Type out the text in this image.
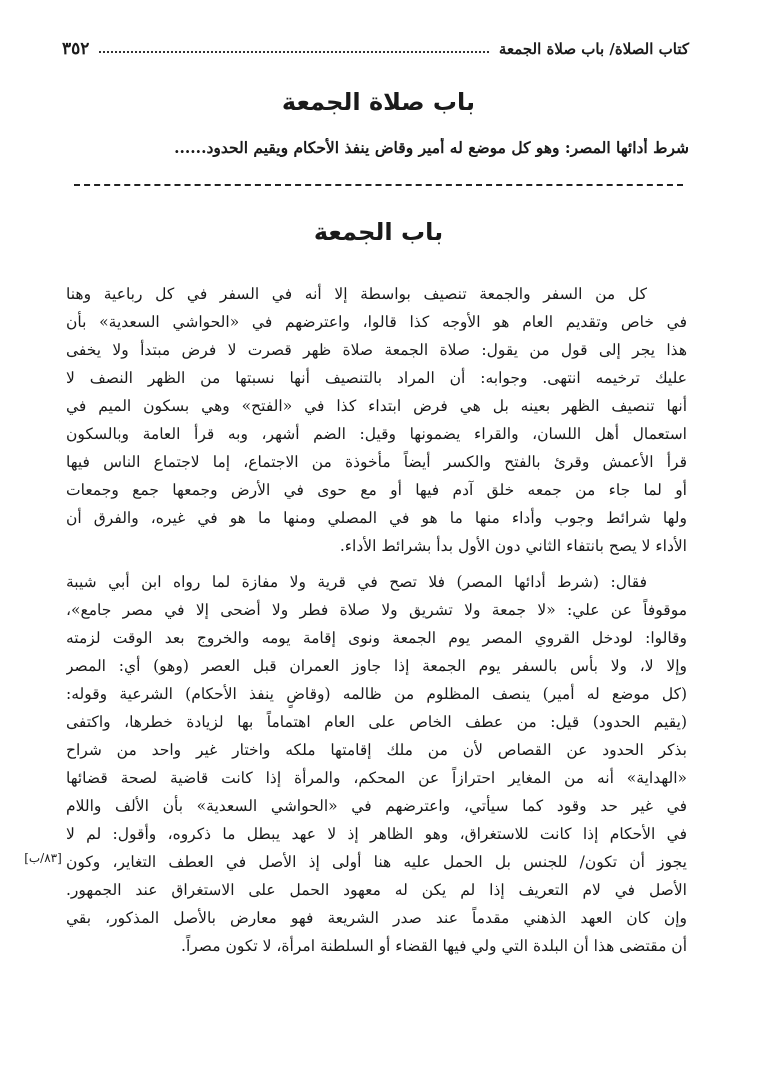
كتاب الصلاة/ باب صلاة الجمعة
٣٥٢
باب صلاة الجمعة
شرط أدائها المصر: وهو كل موضع له أمير وقاضٍ ينفذ الأحكام ويقيم الحدود......
باب الجمعة
كل من السفر والجمعة تنصيف بواسطة إلا أنه في السفر في كل رباعية وهنا
في خاص وتقديم العام هو الأوجه كذا قالوا، واعترضهم في «الحواشي السعدية» بأن
هذا يجر إلى قول من يقول: صلاة الجمعة صلاة ظهر قصرت لا فرض مبتدأ ولا يخفى
عليك ترخيمه انتهى. وجوابه: أن المراد بالتنصيف أنها نسبتها من الظهر النصف لا
أنها تنصيف الظهر بعينه بل هي فرض ابتداء كذا في «الفتح» وهي بسكون الميم في
استعمال أهل اللسان، والقراء يضمونها وقيل: الضم أشهر، وبه قرأ العامة وبالسكون
قرأ الأعمش وقرئ بالفتح والكسر أيضاً مأخوذة من الاجتماع، إما لاجتماع الناس فيها
أو لما جاء من جمعه خلق آدم فيها أو مع حوى في الأرض وجمعها جمع وجمعات
ولها شرائط وجوب وأداء منها ما هو في المصلي ومنها ما هو في غيره، والفرق أن
الأداء لا يصح بانتفاء الثاني دون الأول بدأ بشرائط الأداء.
فقال: (شرط أدائها المصر) فلا تصح في قرية ولا مفازة لما رواه ابن أبي شيبة
موقوفاً عن علي: «لا جمعة ولا تشريق ولا صلاة فطر ولا أضحى إلا في مصر جامع»،
وقالوا: لودخل القروي المصر يوم الجمعة ونوى إقامة يومه والخروج بعد الوقت لزمته
وإلا لا، ولا بأس بالسفر يوم الجمعة إذا جاوز العمران قبل العصر (وهو) أي: المصر
(كل موضع له أمير) ينصف المظلوم من ظالمه (وقاضٍ ينفذ الأحكام) الشرعية وقوله:
(يقيم الحدود) قيل: من عطف الخاص على العام اهتماماً بها لزيادة خطرها، واكتفى
بذكر الحدود عن القصاص لأن من ملك إقامتها ملكه واختار غير واحد من شراح
«الهداية» أنه من المغاير احترازاً عن المحكم، والمرأة إذا كانت قاضية لصحة قضائها
في غير حد وقود كما سيأتي، واعترضهم في «الحواشي السعدية» بأن الألف واللام
في الأحكام إذا كانت للاستغراق، وهو الظاهر إذ لا عهد يبطل ما ذكروه، وأقول: لم لا
يجوز أن تكون/ للجنس بل الحمل عليه هنا أولى إذ الأصل في العطف التغاير، وكون
الأصل في لام التعريف إذا لم يكن له معهود الحمل على الاستغراق عند الجمهور.
وإن كان العهد الذهني مقدماً عند صدر الشريعة فهو معارض بالأصل المذكور، بقي
أن مقتضى هذا أن البلدة التي ولي فيها القضاء أو السلطنة امرأة، لا تكون مصراً.
[٨٣/ب]
